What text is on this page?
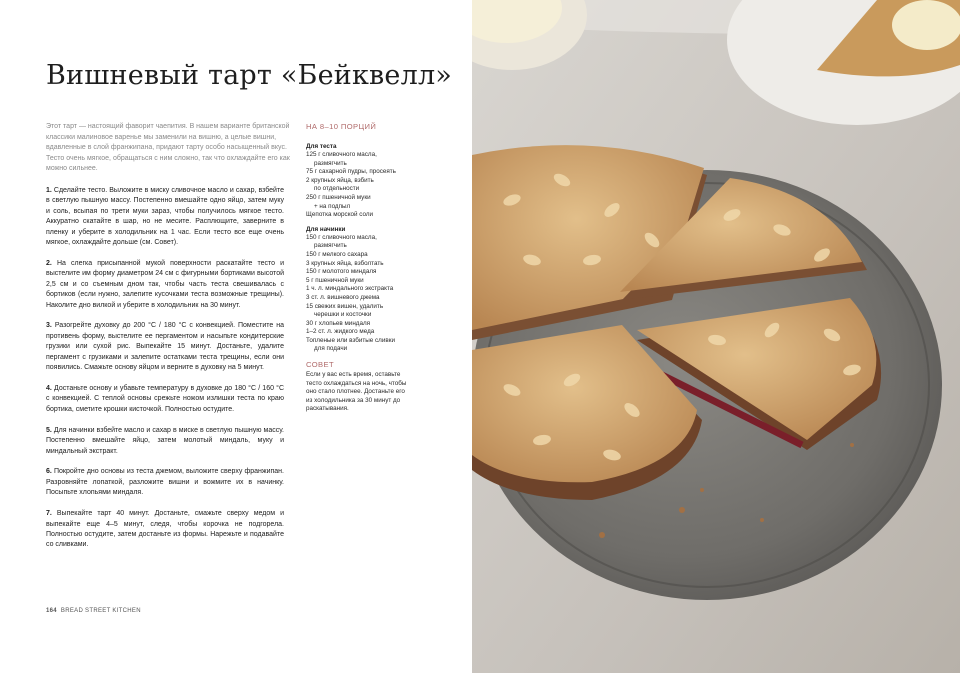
Вишневый тарт «Бейквелл»

Этот тарт — настоящий фаворит чаепития. В нашем варианте британской классики малиновое варенье мы заменили на вишню, а целые вишни, вдавленные в слой франжипана, придают тарту особо насыщенный вкус. Тесто очень мягкое, обращаться с ним сложно, так что охлаждайте его как можно сильнее.

1. Сделайте тесто. Выложите в миску сливочное масло и сахар, взбейте в светлую пышную массу. Постепенно вмешайте одно яйцо, затем муку и соль, всыпая по трети муки зараз, чтобы получилось мягкое тесто. Аккуратно скатайте в шар, но не месите. Расплющите, заверните в пленку и уберите в холодильник на 1 час. Если тесто все еще очень мягкое, охлаждайте дольше (см. Совет).

2. На слегка присыпанной мукой поверхности раскатайте тесто и выстелите им форму диаметром 24 см с фигурными бортиками высотой 2,5 см и со съемным дном так, чтобы часть теста свешивалась с бортиков (если нужно, залепите кусочками теста возможные трещины). Наколите дно вилкой и уберите в холодильник на 30 минут.

3. Разогрейте духовку до 200 °C / 180 °C с конвекцией. Поместите на противень форму, выстелите ее пергаментом и насыпьте кондитерские грузики или сухой рис. Выпекайте 15 минут. Достаньте, удалите пергамент с грузиками и залепите остатками теста трещины, если они появились. Смажьте основу яйцом и верните в духовку на 5 минут.

4. Достаньте основу и убавьте температуру в духовке до 180 °C / 160 °C с конвекцией. С теплой основы срежьте ножом излишки теста по краю бортика, сметите крошки кисточкой. Полностью остудите.

5. Для начинки взбейте масло и сахар в миске в светлую пышную массу. Постепенно вмешайте яйцо, затем молотый миндаль, муку и миндальный экстракт.

6. Покройте дно основы из теста джемом, выложите сверху франжипан. Разровняйте лопаткой, разложите вишни и вожмите их в начинку. Посыпьте хлопьями миндаля.

7. Выпекайте тарт 40 минут. Достаньте, смажьте сверху медом и выпекайте еще 4–5 минут, следя, чтобы корочка не подгорела. Полностью остудите, затем достаньте из формы. Нарежьте и подавайте со сливками.

НА 8–10 ПОРЦИЙ
Для теста
125 г сливочного масла,
размягчить
75 г сахарной пудры, просеять
2 крупных яйца, взбить
по отдельности
250 г пшеничной муки
+ на подпыл
Щепотка морской соли
Для начинки
150 г сливочного масла,
размягчить
150 г мелкого сахара
3 крупных яйца, взболтать
150 г молотого миндаля
5 г пшеничной муки
1 ч. л. миндального экстракта
3 ст. л. вишневого джема
15 свежих вишен, удалить
черешки и косточки
30 г хлопьев миндаля
1–2 ст. л. жидкого меда
Топленые или взбитые сливки
для подачи
СОВЕТ
Если у вас есть время, оставьте тесто охлаждаться на ночь, чтобы оно стало плотнее. Достаньте его из холодильника за 30 минут до раскатывания.
164 BREAD STREET KITCHEN
